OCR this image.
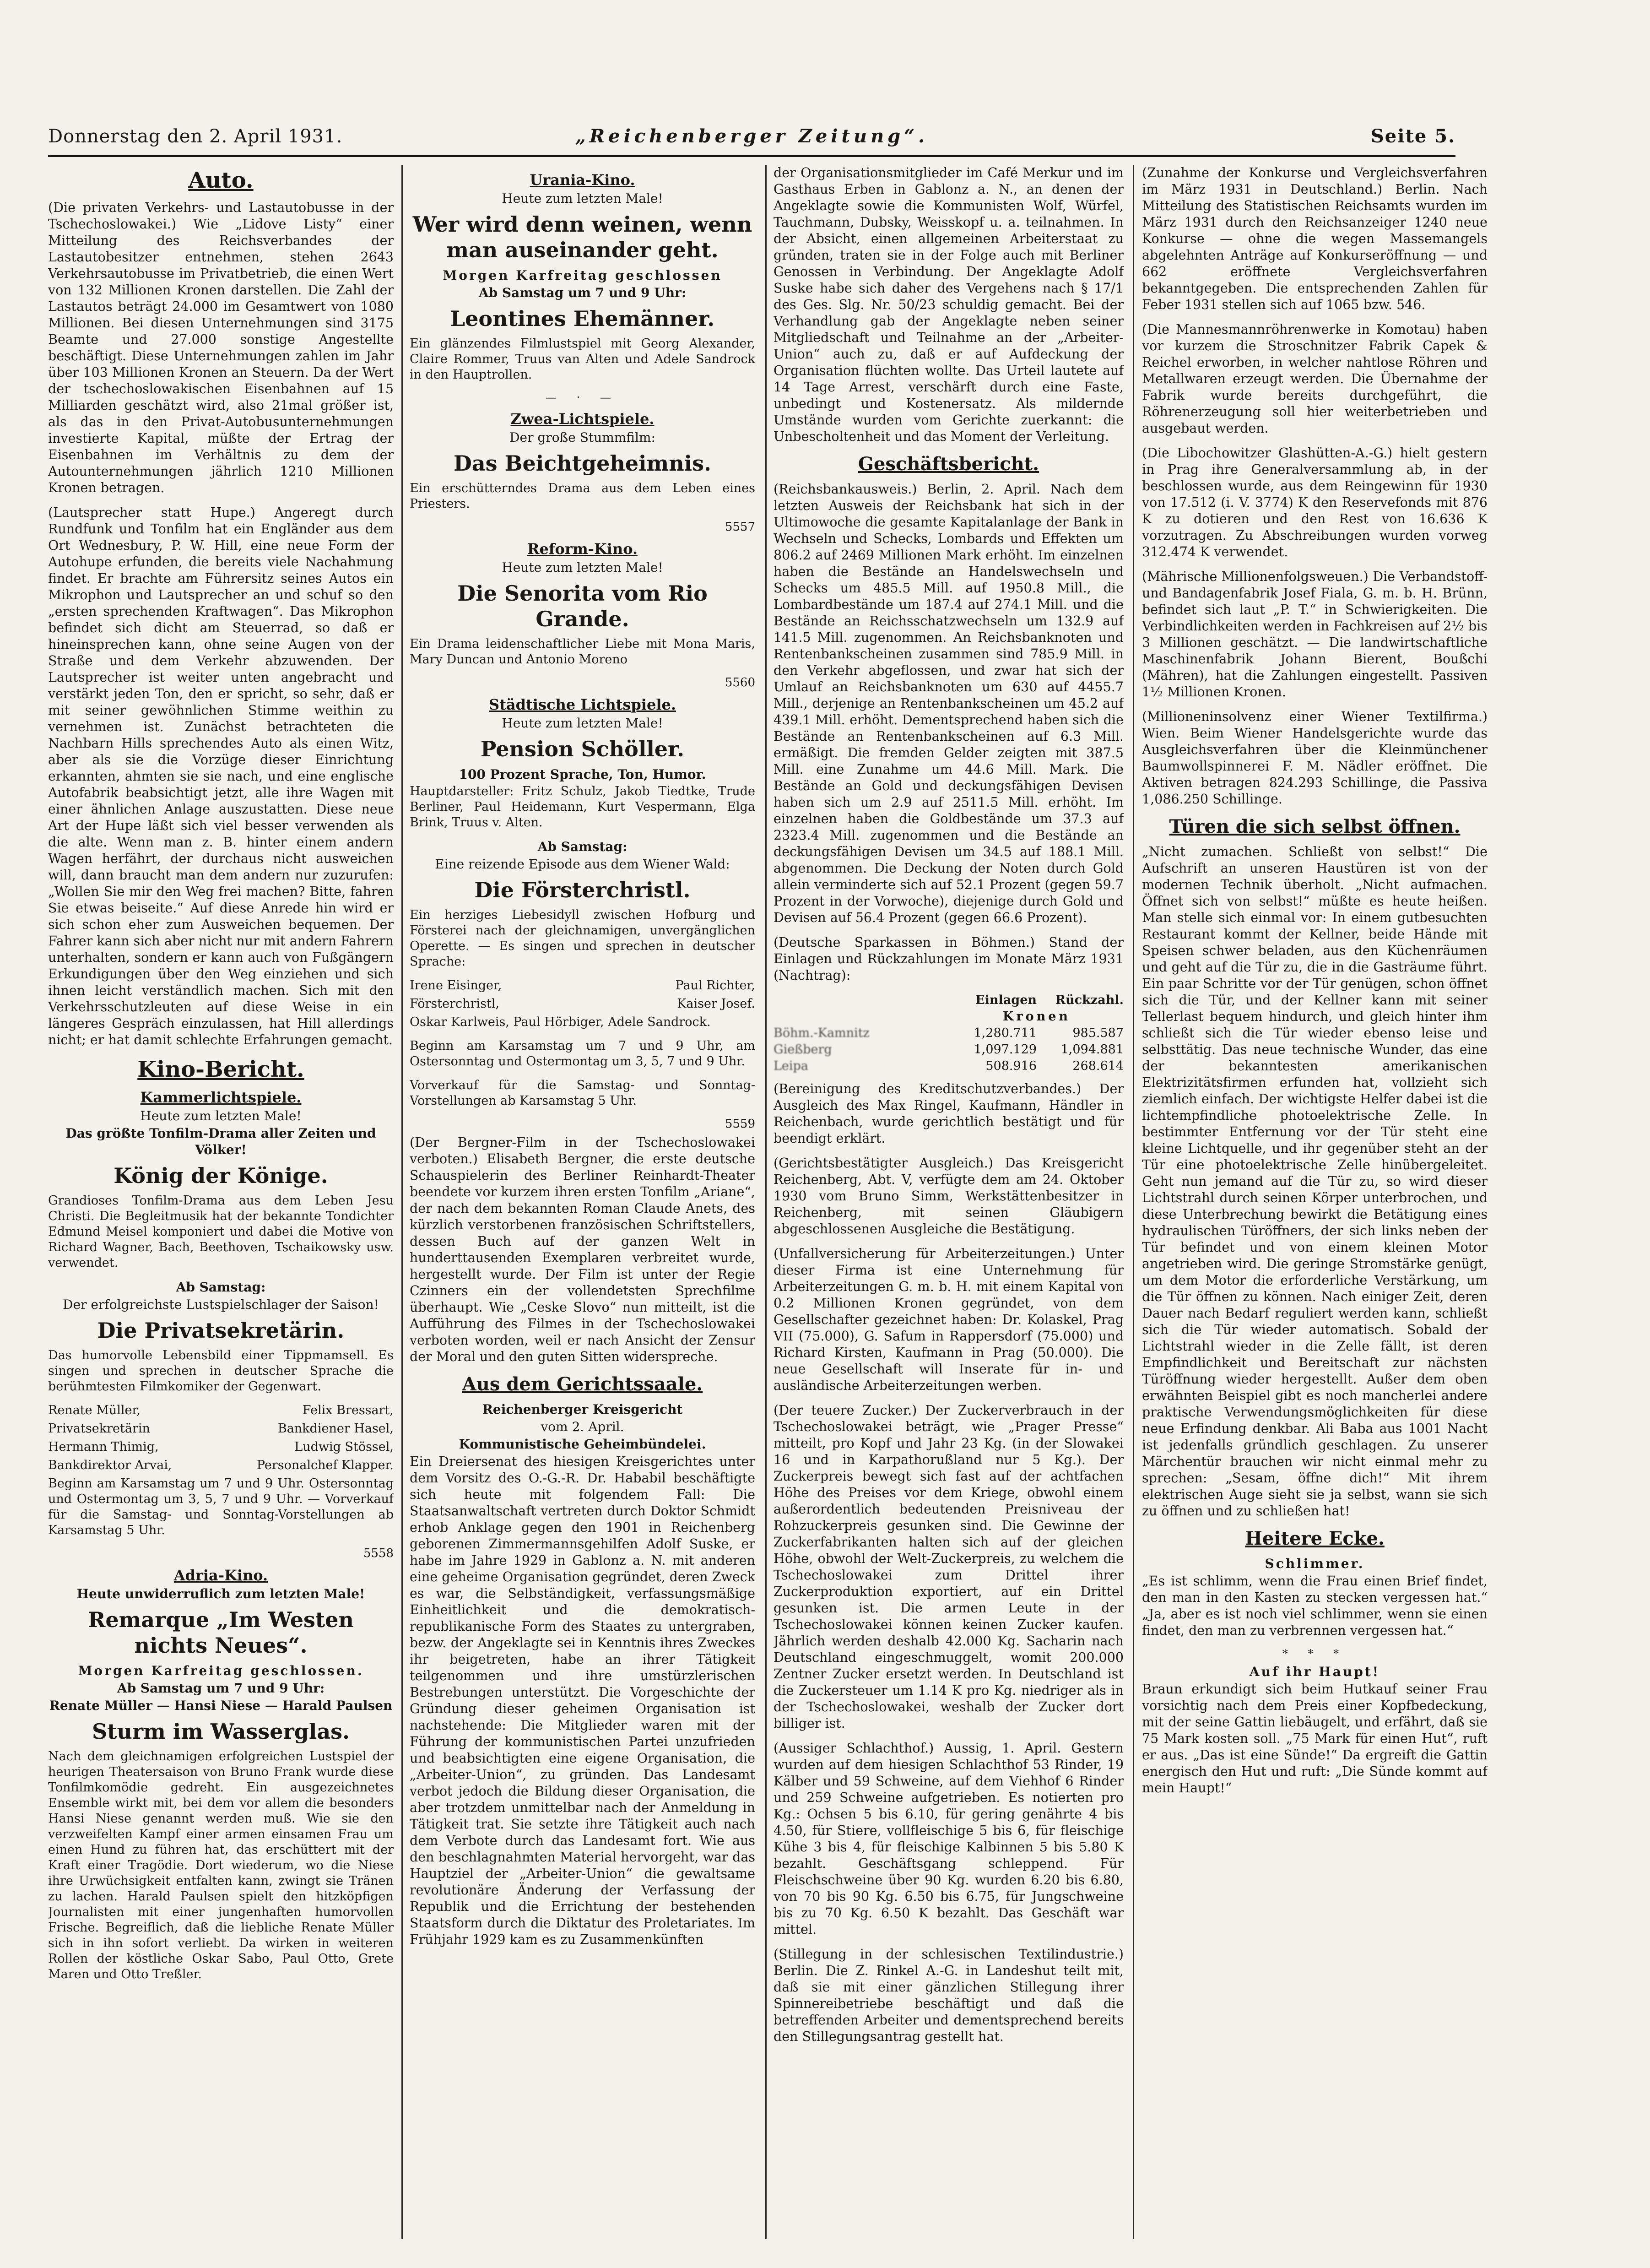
Donnerstag den 2. April 1931.	„Reichenberger Zeitung“.	Seite 5.
Auto.

(Die privaten Verkehrs- und Lastautobusse in der Tschechoslowakei.) Wie „Lidove Listy“ einer Mitteilung des Reichsverbandes der Lastautobesitzer entnehmen, stehen 2643 Verkehrsautobusse im Privatbetrieb, die einen Wert von 132 Millionen Kronen darstellen. Die Zahl der Lastautos beträgt 24.000 im Gesamtwert von 1080 Millionen. Bei diesen Unternehmungen sind 3175 Beamte und 27.000 sonstige Angestellte beschäftigt. Diese Unternehmungen zahlen im Jahr über 103 Millionen Kronen an Steuern. Da der Wert der tschechoslowakischen Eisenbahnen auf 15 Milliarden geschätzt wird, also 21mal größer ist, als das in den Privat-Autobusunternehmungen investierte Kapital, müßte der Ertrag der Eisenbahnen im Verhältnis zu dem der Autounternehmungen jährlich 1210 Millionen Kronen betragen.

(Lautsprecher statt Hupe.) Angeregt durch Rundfunk und Tonfilm hat ein Engländer aus dem Ort Wednesbury, P. W. Hill, eine neue Form der Autohupe erfunden, die bereits viele Nachahmung findet. Er brachte am Führersitz seines Autos ein Mikrophon und Lautsprecher an und schuf so den „ersten sprechenden Kraftwagen“. Das Mikrophon befindet sich dicht am Steuerrad, so daß er hineinsprechen kann, ohne seine Augen von der Straße und dem Verkehr abzuwenden. Der Lautsprecher ist weiter unten angebracht und verstärkt jeden Ton, den er spricht, so sehr, daß er mit seiner gewöhnlichen Stimme weithin zu vernehmen ist. Zunächst betrachteten die Nachbarn Hills sprechendes Auto als einen Witz, aber als sie die Vorzüge dieser Einrichtung erkannten, ahmten sie sie nach, und eine englische Autofabrik beabsichtigt jetzt, alle ihre Wagen mit einer ähnlichen Anlage auszustatten. Diese neue Art der Hupe läßt sich viel besser verwenden als die alte. Wenn man z. B. hinter einem andern Wagen herfährt, der durchaus nicht ausweichen will, dann braucht man dem andern nur zuzurufen: „Wollen Sie mir den Weg frei machen? Bitte, fahren Sie etwas beiseite.“ Auf diese Anrede hin wird er sich schon eher zum Ausweichen bequemen. Der Fahrer kann sich aber nicht nur mit andern Fahrern unterhalten, sondern er kann auch von Fußgängern Erkundigungen über den Weg einziehen und sich ihnen leicht verständlich machen. Sich mit den Verkehrsschutzleuten auf diese Weise in ein längeres Gespräch einzulassen, hat Hill allerdings nicht; er hat damit schlechte Erfahrungen gemacht.

Kino-Bericht.
Kammerlichtspiele.
Heute zum letzten Male!
Das größte Tonfilm-Drama aller Zeiten und Völker!
König der Könige.

Grandioses Tonfilm-Drama aus dem Leben Jesu Christi. Die Begleitmusik hat der bekannte Tondichter Edmund Meisel komponiert und dabei die Motive von Richard Wagner, Bach, Beethoven, Tschaikowsky usw. verwendet.

Ab Samstag:
Der erfolgreichste Lustspielschlager der Saison!
Die Privatsekretärin.

Das humorvolle Lebensbild einer Tippmamsell. Es singen und sprechen in deutscher Sprache die berühmtesten Filmkomiker der Gegenwart.

Renate Müller,	Felix Bressart,
Privatsekretärin	Bankdiener Hasel,
Hermann Thimig,	Ludwig Stössel,
Bankdirektor Arvai,	Personalchef Klapper.

Beginn am Karsamstag um 7 und 9 Uhr. Ostersonntag und Ostermontag um 3, 5, 7 und 9 Uhr. — Vorverkauf für die Samstag- und Sonntag-Vorstellungen ab Karsamstag 5 Uhr.

5558
Adria-Kino.
Heute unwiderruflich zum letzten Male!
Remarque „Im Westen nichts Neues“.
Morgen Karfreitag geschlossen.
Ab Samstag um 7 und 9 Uhr:
Renate Müller — Hansi Niese — Harald Paulsen
Sturm im Wasserglas.

Nach dem gleichnamigen erfolgreichen Lustspiel der heurigen Theatersaison von Bruno Frank wurde diese Tonfilmkomödie gedreht. Ein ausgezeichnetes Ensemble wirkt mit, bei dem vor allem die besonders Hansi Niese genannt werden muß. Wie sie den verzweifelten Kampf einer armen einsamen Frau um einen Hund zu führen hat, das erschüttert mit der Kraft einer Tragödie. Dort wiederum, wo die Niese ihre Urwüchsigkeit entfalten kann, zwingt sie Tränen zu lachen. Harald Paulsen spielt den hitzköpfigen Journalisten mit einer jungenhaften humorvollen Frische. Begreiflich, daß die liebliche Renate Müller sich in ihn sofort verliebt. Da wirken in weiteren Rollen der köstliche Oskar Sabo, Paul Otto, Grete Maren und Otto Treßler.

Urania-Kino.
Heute zum letzten Male!
Wer wird denn weinen, wenn man auseinander geht.
Morgen Karfreitag geschlossen
Ab Samstag um 7 und 9 Uhr:
Leontines Ehemänner.

Ein glänzendes Filmlustspiel mit Georg Alexander, Claire Rommer, Truus van Alten und Adele Sandrock in den Hauptrollen.

— · —
Zwea-Lichtspiele.
Der große Stummfilm:
Das Beichtgeheimnis.

Ein erschütterndes Drama aus dem Leben eines Priesters.

5557
Reform-Kino.
Heute zum letzten Male!
Die Senorita vom Rio Grande.

Ein Drama leidenschaftlicher Liebe mit Mona Maris, Mary Duncan und Antonio Moreno

5560
Städtische Lichtspiele.
Heute zum letzten Male!
Pension Schöller.
100 Prozent Sprache, Ton, Humor.

Hauptdarsteller: Fritz Schulz, Jakob Tiedtke, Trude Berliner, Paul Heidemann, Kurt Vespermann, Elga Brink, Truus v. Alten.

Ab Samstag:
Eine reizende Episode aus dem Wiener Wald:
Die Försterchristl.

Ein herziges Liebesidyll zwischen Hofburg und Försterei nach der gleichnamigen, unvergänglichen Operette. — Es singen und sprechen in deutscher Sprache:

Irene Eisinger,	Paul Richter,
Försterchristl,	Kaiser Josef.

Oskar Karlweis, Paul Hörbiger, Adele Sandrock.

Beginn am Karsamstag um 7 und 9 Uhr, am Ostersonntag und Ostermontag um 3, 5, 7 und 9 Uhr.

Vorverkauf für die Samstag- und Sonntag-Vorstellungen ab Karsamstag 5 Uhr.

5559

(Der Bergner-Film in der Tschechoslowakei verboten.) Elisabeth Bergner, die erste deutsche Schauspielerin des Berliner Reinhardt-Theater beendete vor kurzem ihren ersten Tonfilm „Ariane“, der nach dem bekannten Roman Claude Anets, des kürzlich verstorbenen französischen Schriftstellers, dessen Buch auf der ganzen Welt in hunderttausenden Exemplaren verbreitet wurde, hergestellt wurde. Der Film ist unter der Regie Czinners ein der vollendetsten Sprechfilme überhaupt. Wie „Ceske Slovo“ nun mitteilt, ist die Aufführung des Filmes in der Tschechoslowakei verboten worden, weil er nach Ansicht der Zensur der Moral und den guten Sitten widerspreche.

Aus dem Gerichtssaale.
Reichenberger Kreisgericht
vom 2. April.
Kommunistische Geheimbündelei.

Ein Dreiersenat des hiesigen Kreisgerichtes unter dem Vorsitz des O.-G.-R. Dr. Hababil beschäftigte sich heute mit folgendem Fall: Die Staatsanwaltschaft vertreten durch Doktor Schmidt erhob Anklage gegen den 1901 in Reichenberg geborenen Zimmermannsgehilfen Adolf Suske, er habe im Jahre 1929 in Gablonz a. N. mit anderen eine geheime Organisation gegründet, deren Zweck es war, die Selbständigkeit, verfassungsmäßige Einheitlichkeit und die demokratisch-republikanische Form des Staates zu untergraben, bezw. der Angeklagte sei in Kenntnis ihres Zweckes ihr beigetreten, habe an ihrer Tätigkeit teilgenommen und ihre umstürzlerischen Bestrebungen unterstützt. Die Vorgeschichte der Gründung dieser geheimen Organisation ist nachstehende: Die Mitglieder waren mit der Führung der kommunistischen Partei unzufrieden und beabsichtigten eine eigene Organisation, die „Arbeiter-Union“, zu gründen. Das Landesamt verbot jedoch die Bildung dieser Organisation, die aber trotzdem unmittelbar nach der Anmeldung in Tätigkeit trat. Sie setzte ihre Tätigkeit auch nach dem Verbote durch das Landesamt fort. Wie aus den beschlagnahmten Material hervorgeht, war das Hauptziel der „Arbeiter-Union“ die gewaltsame revolutionäre Änderung der Verfassung der Republik und die Errichtung der bestehenden Staatsform durch die Diktatur des Proletariates. Im Frühjahr 1929 kam es zu Zusammenkünften

der Organisationsmitglieder im Café Merkur und im Gasthaus Erben in Gablonz a. N., an denen der Angeklagte sowie die Kommunisten Wolf, Würfel, Tauchmann, Dubsky, Weisskopf u. a. teilnahmen. In der Absicht, einen allgemeinen Arbeiterstaat zu gründen, traten sie in der Folge auch mit Berliner Genossen in Verbindung. Der Angeklagte Adolf Suske habe sich daher des Vergehens nach § 17/1 des Ges. Slg. Nr. 50/23 schuldig gemacht. Bei der Verhandlung gab der Angeklagte neben seiner Mitgliedschaft und Teilnahme an der „Arbeiter-Union“ auch zu, daß er auf Aufdeckung der Organisation flüchten wollte. Das Urteil lautete auf 14 Tage Arrest, verschärft durch eine Faste, unbedingt und Kostenersatz. Als mildernde Umstände wurden vom Gerichte zuerkannt: die Unbescholtenheit und das Moment der Verleitung.

Geschäftsbericht.

(Reichsbankausweis.) Berlin, 2. April. Nach dem letzten Ausweis der Reichsbank hat sich in der Ultimowoche die gesamte Kapitalanlage der Bank in Wechseln und Schecks, Lombards und Effekten um 806.2 auf 2469 Millionen Mark erhöht. Im einzelnen haben die Bestände an Handelswechseln und Schecks um 485.5 Mill. auf 1950.8 Mill., die Lombardbestände um 187.4 auf 274.1 Mill. und die Bestände an Reichsschatzwechseln um 132.9 auf 141.5 Mill. zugenommen. An Reichsbanknoten und Rentenbankscheinen zusammen sind 785.9 Mill. in den Verkehr abgeflossen, und zwar hat sich der Umlauf an Reichsbanknoten um 630 auf 4455.7 Mill., derjenige an Rentenbankscheinen um 45.2 auf 439.1 Mill. erhöht. Dementsprechend haben sich die Bestände an Rentenbankscheinen auf 6.3 Mill. ermäßigt. Die fremden Gelder zeigten mit 387.5 Mill. eine Zunahme um 44.6 Mill. Mark. Die Bestände an Gold und deckungsfähigen Devisen haben sich um 2.9 auf 2511.5 Mill. erhöht. Im einzelnen haben die Goldbestände um 37.3 auf 2323.4 Mill. zugenommen und die Bestände an deckungsfähigen Devisen um 34.5 auf 188.1 Mill. abgenommen. Die Deckung der Noten durch Gold allein verminderte sich auf 52.1 Prozent (gegen 59.7 Prozent in der Vorwoche), diejenige durch Gold und Devisen auf 56.4 Prozent (gegen 66.6 Prozent).

(Deutsche Sparkassen in Böhmen.) Stand der Einlagen und Rückzahlungen im Monate März 1931 (Nachtrag):

Einlagen	Rückzahl.
Kronen
Böhm.-Kamnitz	1,280.711	985.587
Gießberg	1,097.129	1,094.881
Leipa	508.916	268.614

(Bereinigung des Kreditschutzverbandes.) Der Ausgleich des Max Ringel, Kaufmann, Händler in Reichenbach, wurde gerichtlich bestätigt und für beendigt erklärt.

(Gerichtsbestätigter Ausgleich.) Das Kreisgericht Reichenberg, Abt. V, verfügte dem am 24. Oktober 1930 vom Bruno Simm, Werkstättenbesitzer in Reichenberg, mit seinen Gläubigern abgeschlossenen Ausgleiche die Bestätigung.

(Unfallversicherung für Arbeiterzeitungen.) Unter dieser Firma ist eine Unternehmung für Arbeiterzeitungen G. m. b. H. mit einem Kapital von 0.2 Millionen Kronen gegründet, von dem Gesellschafter gezeichnet haben: Dr. Kolaskel, Prag VII (75.000), G. Safum in Rappersdorf (75.000) und Richard Kirsten, Kaufmann in Prag (50.000). Die neue Gesellschaft will Inserate für in- und ausländische Arbeiterzeitungen werben.

(Der teuere Zucker.) Der Zuckerverbrauch in der Tschechoslowakei beträgt, wie „Prager Presse“ mitteilt, pro Kopf und Jahr 23 Kg. (in der Slowakei 16 und in Karpathorußland nur 5 Kg.). Der Zuckerpreis bewegt sich fast auf der achtfachen Höhe des Preises vor dem Kriege, obwohl einem außerordentlich bedeutenden Preisniveau der Rohzuckerpreis gesunken sind. Die Gewinne der Zuckerfabrikanten halten sich auf der gleichen Höhe, obwohl der Welt-Zuckerpreis, zu welchem die Tschechoslowakei zum Drittel ihrer Zuckerproduktion exportiert, auf ein Drittel gesunken ist. Die armen Leute in der Tschechoslowakei können keinen Zucker kaufen. Jährlich werden deshalb 42.000 Kg. Sacharin nach Deutschland eingeschmuggelt, womit 200.000 Zentner Zucker ersetzt werden. In Deutschland ist die Zuckersteuer um 1.14 K pro Kg. niedriger als in der Tschechoslowakei, weshalb der Zucker dort billiger ist.

(Aussiger Schlachthof.) Aussig, 1. April. Gestern wurden auf dem hiesigen Schlachthof 53 Rinder, 19 Kälber und 59 Schweine, auf dem Viehhof 6 Rinder und 259 Schweine aufgetrieben. Es notierten pro Kg.: Ochsen 5 bis 6.10, für gering genährte 4 bis 4.50, für Stiere, vollfleischige 5 bis 6, für fleischige Kühe 3 bis 4, für fleischige Kalbinnen 5 bis 5.80 K bezahlt. Geschäftsgang schleppend. Für Fleischschweine über 90 Kg. wurden 6.20 bis 6.80, von 70 bis 90 Kg. 6.50 bis 6.75, für Jungschweine bis zu 70 Kg. 6.50 K bezahlt. Das Geschäft war mittel.

(Stillegung in der schlesischen Textilindustrie.) Berlin. Die Z. Rinkel A.-G. in Landeshut teilt mit, daß sie mit einer gänzlichen Stillegung ihrer Spinnereibetriebe beschäftigt und daß die betreffenden Arbeiter und dementsprechend bereits den Stillegungsantrag gestellt hat.

(Zunahme der Konkurse und Vergleichsverfahren im März 1931 in Deutschland.) Berlin. Nach Mitteilung des Statistischen Reichsamts wurden im März 1931 durch den Reichsanzeiger 1240 neue Konkurse — ohne die wegen Massemangels abgelehnten Anträge auf Konkurseröffnung — und 662 eröffnete Vergleichsverfahren bekanntgegeben. Die entsprechenden Zahlen für Feber 1931 stellen sich auf 1065 bzw. 546.

(Die Mannesmannröhrenwerke in Komotau) haben vor kurzem die Stroschnitzer Fabrik Capek & Reichel erworben, in welcher nahtlose Röhren und Metallwaren erzeugt werden. Die Übernahme der Fabrik wurde bereits durchgeführt, die Röhrenerzeugung soll hier weiterbetrieben und ausgebaut werden.

(Die Libochowitzer Glashütten-A.-G.) hielt gestern in Prag ihre Generalversammlung ab, in der beschlossen wurde, aus dem Reingewinn für 1930 von 17.512 (i. V. 3774) K den Reservefonds mit 876 K zu dotieren und den Rest von 16.636 K vorzutragen. Zu Abschreibungen wurden vorweg 312.474 K verwendet.

(Mährische Millionenfolgsweuen.) Die Verbandstoff- und Bandagenfabrik Josef Fiala, G. m. b. H. Brünn, befindet sich laut „P. T.“ in Schwierigkeiten. Die Verbindlichkeiten werden in Fachkreisen auf 2½ bis 3 Millionen geschätzt. — Die landwirtschaftliche Maschinenfabrik Johann Bierent, Boußchi (Mähren), hat die Zahlungen eingestellt. Passiven 1½ Millionen Kronen.

(Millioneninsolvenz einer Wiener Textilfirma.) Wien. Beim Wiener Handelsgerichte wurde das Ausgleichsverfahren über die Kleinmünchener Baumwollspinnerei F. M. Nädler eröffnet. Die Aktiven betragen 824.293 Schillinge, die Passiva 1,086.250 Schillinge.

Türen die sich selbst öffnen.

„Nicht zumachen. Schließt von selbst!“ Die Aufschrift an unseren Haustüren ist von der modernen Technik überholt. „Nicht aufmachen. Öffnet sich von selbst!“ müßte es heute heißen. Man stelle sich einmal vor: In einem gutbesuchten Restaurant kommt der Kellner, beide Hände mit Speisen schwer beladen, aus den Küchenräumen und geht auf die Tür zu, die in die Gasträume führt. Ein paar Schritte vor der Tür genügen, schon öffnet sich die Tür, und der Kellner kann mit seiner Tellerlast bequem hindurch, und gleich hinter ihm schließt sich die Tür wieder ebenso leise und selbsttätig. Das neue technische Wunder, das eine der bekanntesten amerikanischen Elektrizitätsfirmen erfunden hat, vollzieht sich ziemlich einfach. Der wichtigste Helfer dabei ist die lichtempfindliche photoelektrische Zelle. In bestimmter Entfernung vor der Tür steht eine kleine Lichtquelle, und ihr gegenüber steht an der Tür eine photoelektrische Zelle hinübergeleitet. Geht nun jemand auf die Tür zu, so wird dieser Lichtstrahl durch seinen Körper unterbrochen, und diese Unterbrechung bewirkt die Betätigung eines hydraulischen Türöffners, der sich links neben der Tür befindet und von einem kleinen Motor angetrieben wird. Die geringe Stromstärke genügt, um dem Motor die erforderliche Verstärkung, um die Tür öffnen zu können. Nach einiger Zeit, deren Dauer nach Bedarf reguliert werden kann, schließt sich die Tür wieder automatisch. Sobald der Lichtstrahl wieder in die Zelle fällt, ist deren Empfindlichkeit und Bereitschaft zur nächsten Türöffnung wieder hergestellt. Außer dem oben erwähnten Beispiel gibt es noch mancherlei andere praktische Verwendungsmöglichkeiten für diese neue Erfindung denkbar. Ali Baba aus 1001 Nacht ist jedenfalls gründlich geschlagen. Zu unserer Märchentür brauchen wir nicht einmal mehr zu sprechen: „Sesam, öffne dich!“ Mit ihrem elektrischen Auge sieht sie ja selbst, wann sie sich zu öffnen und zu schließen hat!

Heitere Ecke.
Schlimmer.

„Es ist schlimm, wenn die Frau einen Brief findet, den man in den Kasten zu stecken vergessen hat.“ „Ja, aber es ist noch viel schlimmer, wenn sie einen findet, den man zu verbrennen vergessen hat.“

* * *
Auf ihr Haupt!

Braun erkundigt sich beim Hutkauf seiner Frau vorsichtig nach dem Preis einer Kopfbedeckung, mit der seine Gattin liebäugelt, und erfährt, daß sie 75 Mark kosten soll. „75 Mark für einen Hut“, ruft er aus. „Das ist eine Sünde!“ Da ergreift die Gattin energisch den Hut und ruft: „Die Sünde kommt auf mein Haupt!“
